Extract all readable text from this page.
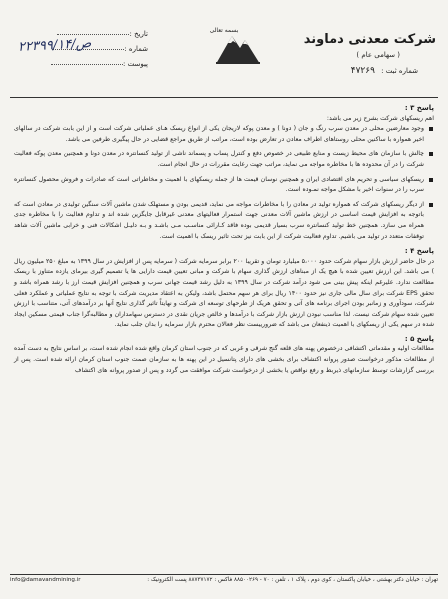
بسمه تعالی
شرکت معدنی دماوند
( سهامی عام )
شماره ثبت : ۴۷۲۶۹
تاریخ :
شماره :
پیوست :
۲۲۳۹۹/ص/۱۴

پاسخ ۳ :

اهم ریسکهای شرکت بشرح زیر می باشد:

وجود معارضین محلی در معدن سرب رنگ و جان ( دونا ) و معدن پوکه لاریجان یکی از انواع ریسک هـای عملیاتی شرکت است و از این بابت شرکت در سالهای اخیر همواره با ساکنین محلی روستاهای اطراف معادن در تعارض بوده است، مراتب از طریق مراجع قضایی در حال پیگیری طرفین می باشد.
چالش با سازمان های محیط زیست و منابع طبیعی در خصوص دفع و کنترل پساب و پسماند ناشی از تولید کنسانتره در معدن دونا و همچنین معدن پوکه فعالیت شرکت را در آن محدوده ها با مخاطره مواجه می نماید، مراتب جهت رعایت مقررات در حال انجام است.
ریسکهای سیاسی و تحریم های اقتصادی ایران و همچنین نوسان قیمت ها از جمله ریسکهای با اهمیت و مخاطراتی است که صادرات و فروش محصول کنسانتره سرب را در سنوات اخیر با مشکل مواجه نمـوده است.
از دیگر ریسکهای شرکت که همواره تولید در معادن را با مخاطرات مواجه می نماید، قدیمی بودن و مستهلک شدن ماشین آلات سنگین تولیدی در معادن است که باتوجه به افزایش قیمت اساسی در ارزش ماشین آلات معدنی جهت استمرار فعالیتهای معدنی غیرقابل جایگزین شده اند و تداوم فعالیت را با مخاطره جدی همراه می سازد. همچنین خط تولید کنسانتره سرب بسیار قدیمی بوده فاقد کـارائی مناسـب مـی باشـد و بـه دلیـل اشکالات فنی و خرابی ماشین آلات شاهد توقفات متعدد در تولید می باشیم. تداوم فعالیت شرکت از این بابت نیز تحت تاثیر ریسک با اهمیت است.

پاسخ ۴ :

در حال حاضر ارزش بازار سهام شرکت حدود ۵،۰۰۰ میلیارد تومان و تقریبا ۲۰۰ برابر سرمایه شرکت ( سرمایه پس از افزایش در سال ۱۳۹۹ به مبلغ ۲۵۰ میلیون ریال ) می باشد. این ارزش تعیین شده با هیچ یک از مبناهای ارزش گذاری سهام با شرکت و مبانی تعیین قیمت دارایی ها یا تصمیم گیری بیرمای یازده متناوز با ریسک مطالعت ندارد. علیرغم اینکه پیش بینی می شود درآمد شرکت در سال ۱۳۹۹ به دلیل رشد قیمت جهانی سرب و همچنین افزایش قیمت ارز با رشد همراه باشد و تحقق EPS شرکت برای سال مالی جاری نیز حدود ۱۴۰۰ ریال برای هر سهم محتمل باشد، ولیکن به اعتقاد مدیریت شرکت با توجه به نتایج عملیاتی و عملکرد فعلی شرکت، سودآوری و زمانبر بودن اجرای برنامه های آتی و تحقق هریک از طرحهای توسعه ای شرکت و نهایتاً تاثیر گذاری نتایج آنها بر درآمدهای آتی، متناسب با ارزش تعیین شده سهام شرکت نیست. لذا مناسب نبودن ارزش بازار شرکت با درآمدها و خالص جریان نقدی در دسترس سهامداران و مطالبه‌گرا جناب قیمتی مسکین ایجاد شده در سهم یکی از ریسکهای با اهمیت ذینفعان می باشد که ضرورییست نظر فعالان محترم بازار سرمایه را بدان جلب نماید.

پاسخ ۵ :

مطالعات اولیه و مقدماتی اکتشافی درخصوص پهنه های قلعه گنج شرقی و غربی که در جنوب استان کرمان واقع شده انجام شده است، بر اساس نتایج به دست آمده از مطالعات مذکور درخواست صدور پروانه اکتشاف برای بخشی های دارای پتانسیل در این پهنه ها به سازمان صمت جنوب استان کرمان ارائه شده است. پس از بررسی گزارشات توسط سازمانهای ذیربط و رفع نواقص یا بخشی از درخواست شرکت موافقت می گردد و پس از صدور پروانه های اکتشاف

تهران : خیابان دکتر بهشتی ، خیابان پاکستان ، کوی دوم ، پلاک ۱ ، تلفن : ۷۰ - ۸۸۵۰۰۲۶۹ فاکس : ۸۸۷۳۷۱۷۲ پست الکترونیک :
info@damavandmining.ir
